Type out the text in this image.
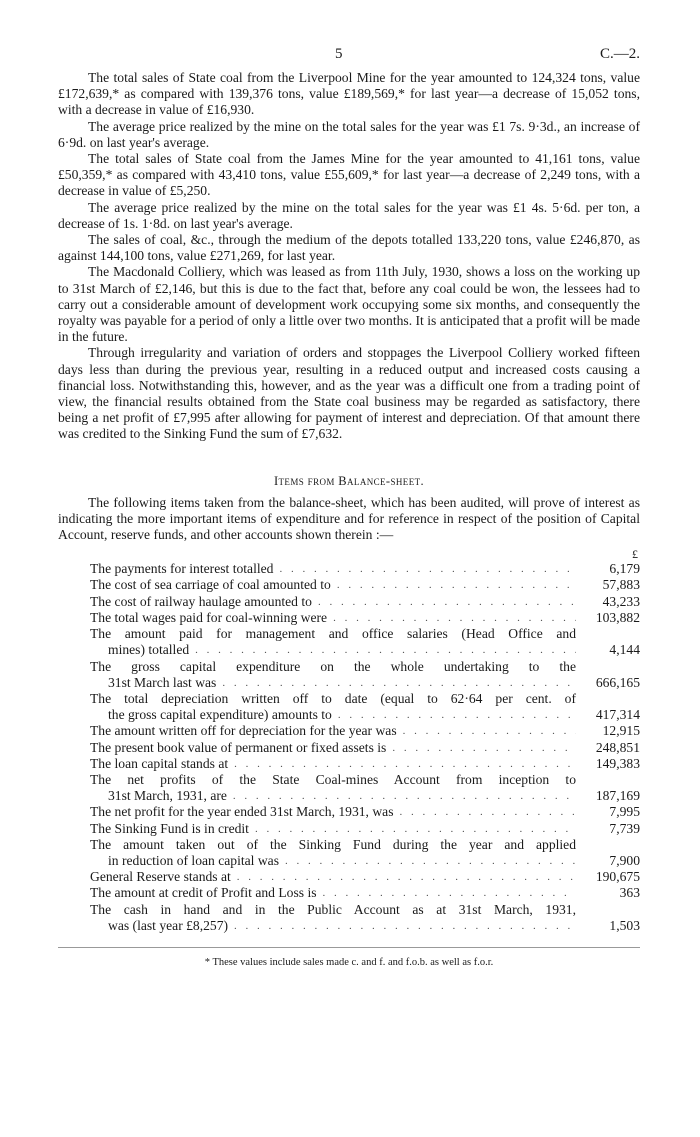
5	C.—2.

The total sales of State coal from the Liverpool Mine for the year amounted to 124,324 tons, value £172,639,* as compared with 139,376 tons, value £189,569,* for last year—a decrease of 15,052 tons, with a decrease in value of £16,930.

The average price realized by the mine on the total sales for the year was £1 7s. 9·3d., an increase of 6·9d. on last year's average.

The total sales of State coal from the James Mine for the year amounted to 41,161 tons, value £50,359,* as compared with 43,410 tons, value £55,609,* for last year—a decrease of 2,249 tons, with a decrease in value of £5,250.

The average price realized by the mine on the total sales for the year was £1 4s. 5·6d. per ton, a decrease of 1s. 1·8d. on last year's average.

The sales of coal, &c., through the medium of the depots totalled 133,220 tons, value £246,870, as against 144,100 tons, value £271,269, for last year.

The Macdonald Colliery, which was leased as from 11th July, 1930, shows a loss on the working up to 31st March of £2,146, but this is due to the fact that, before any coal could be won, the lessees had to carry out a considerable amount of development work occupying some six months, and consequently the royalty was payable for a period of only a little over two months. It is anticipated that a profit will be made in the future.

Through irregularity and variation of orders and stoppages the Liverpool Colliery worked fifteen days less than during the previous year, resulting in a reduced output and increased costs causing a financial loss. Notwithstanding this, however, and as the year was a difficult one from a trading point of view, the financial results obtained from the State coal business may be regarded as satisfactory, there being a net profit of £7,995 after allowing for payment of interest and depreciation. Of that amount there was credited to the Sinking Fund the sum of £7,632.

Items from Balance-sheet.

The following items taken from the balance-sheet, which has been audited, will prove of interest as indicating the more important items of expenditure and for reference in respect of the position of Capital Account, reserve funds, and other accounts shown therein :—

£
The payments for interest totalled . . .	6,179
The cost of sea carriage of coal amounted to . . .	57,883
The cost of railway haulage amounted to . . .	43,233
The total wages paid for coal-winning were . . .	103,882
The amount paid for management and office salaries (Head Office and
mines) totalled . . .	4,144
The gross capital expenditure on the whole undertaking to the
31st March last was . . .	666,165
The total depreciation written off to date (equal to 62·64 per cent. of
the gross capital expenditure) amounts to . . .	417,314
The amount written off for depreciation for the year was . . .	12,915
The present book value of permanent or fixed assets is . . .	248,851
The loan capital stands at . . .	149,383
The net profits of the State Coal-mines Account from inception to
31st March, 1931, are . . .	187,169
The net profit for the year ended 31st March, 1931, was . . .	7,995
The Sinking Fund is in credit . . .	7,739
The amount taken out of the Sinking Fund during the year and applied
in reduction of loan capital was . . .	7,900
General Reserve stands at . . .	190,675
The amount at credit of Profit and Loss is . . .	363
The cash in hand and in the Public Account as at 31st March, 1931,
was (last year £8,257) . . .	1,503
* These values include sales made c. and f. and f.o.b. as well as f.o.r.
